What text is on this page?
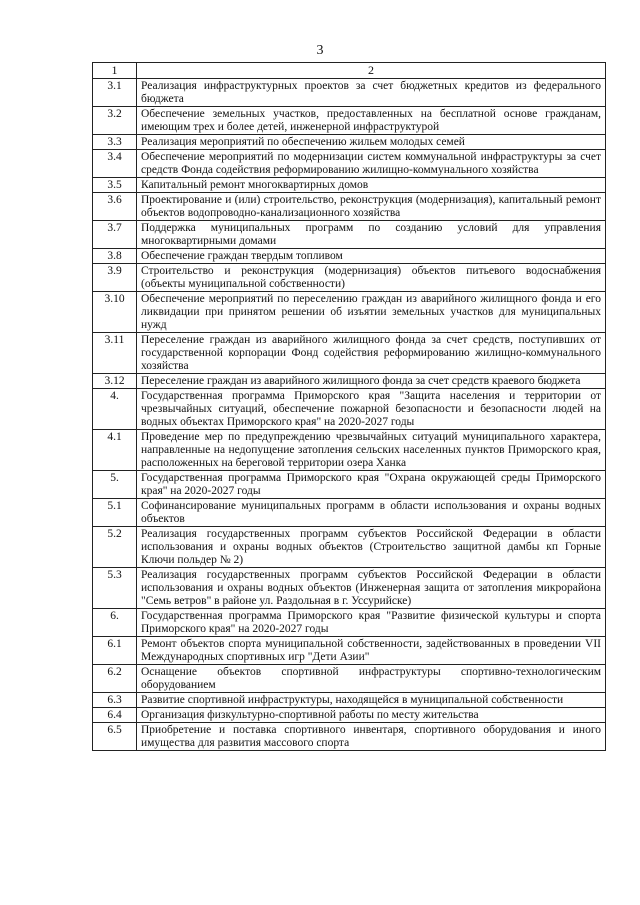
3
1	2
3.1	Реализация инфраструктурных проектов за счет бюджетных кредитов из федерального бюджета
3.2	Обеспечение земельных участков, предоставленных на бесплатной основе гражданам, имеющим трех и более детей, инженерной инфраструктурой
3.3	Реализация мероприятий по обеспечению жильем молодых семей
3.4	Обеспечение мероприятий по модернизации систем коммунальной инфраструктуры за счет средств Фонда содействия реформированию жилищно-коммунального хозяйства
3.5	Капитальный ремонт многоквартирных домов
3.6	Проектирование и (или) строительство, реконструкция (модернизация), капитальный ремонт объектов водопроводно-канализационного хозяйства
3.7	Поддержка муниципальных программ по созданию условий для управления многоквартирными домами
3.8	Обеспечение граждан твердым топливом
3.9	Строительство и реконструкция (модернизация) объектов питьевого водоснабжения (объекты муниципальной собственности)
3.10	Обеспечение мероприятий по переселению граждан из аварийного жилищного фонда и его ликвидации при принятом решении об изъятии земельных участков для муниципальных нужд
3.11	Переселение граждан из аварийного жилищного фонда за счет средств, поступивших от государственной корпорации Фонд содействия реформированию жилищно-коммунального хозяйства
3.12	Переселение граждан из аварийного жилищного фонда за счет средств краевого бюджета
4.	Государственная программа Приморского края "Защита населения и территории от чрезвычайных ситуаций, обеспечение пожарной безопасности и безопасности людей на водных объектах Приморского края" на 2020-2027 годы
4.1	Проведение мер по предупреждению чрезвычайных ситуаций муниципального характера, направленные на недопущение затопления сельских населенных пунктов Приморского края, расположенных на береговой территории озера Ханка
5.	Государственная программа Приморского края "Охрана окружающей среды Приморского края" на 2020-2027 годы
5.1	Софинансирование муниципальных программ в области использования и охраны водных объектов
5.2	Реализация государственных программ субъектов Российской Федерации в области использования и охраны водных объектов (Строительство защитной дамбы кп Горные Ключи польдер № 2)
5.3	Реализация государственных программ субъектов Российской Федерации в области использования и охраны водных объектов (Инженерная защита от затопления микрорайона "Семь ветров" в районе ул. Раздольная в г. Уссурийске)
6.	Государственная программа Приморского края "Развитие физической культуры и спорта Приморского края" на 2020-2027 годы
6.1	Ремонт объектов спорта муниципальной собственности, задействованных в проведении VII Международных спортивных игр "Дети Азии"
6.2	Оснащение объектов спортивной инфраструктуры спортивно-технологическим оборудованием
6.3	Развитие спортивной инфраструктуры, находящейся в муниципальной собственности
6.4	Организация физкультурно-спортивной работы по месту жительства
6.5	Приобретение и поставка спортивного инвентаря, спортивного оборудования и иного имущества для развития массового спорта
